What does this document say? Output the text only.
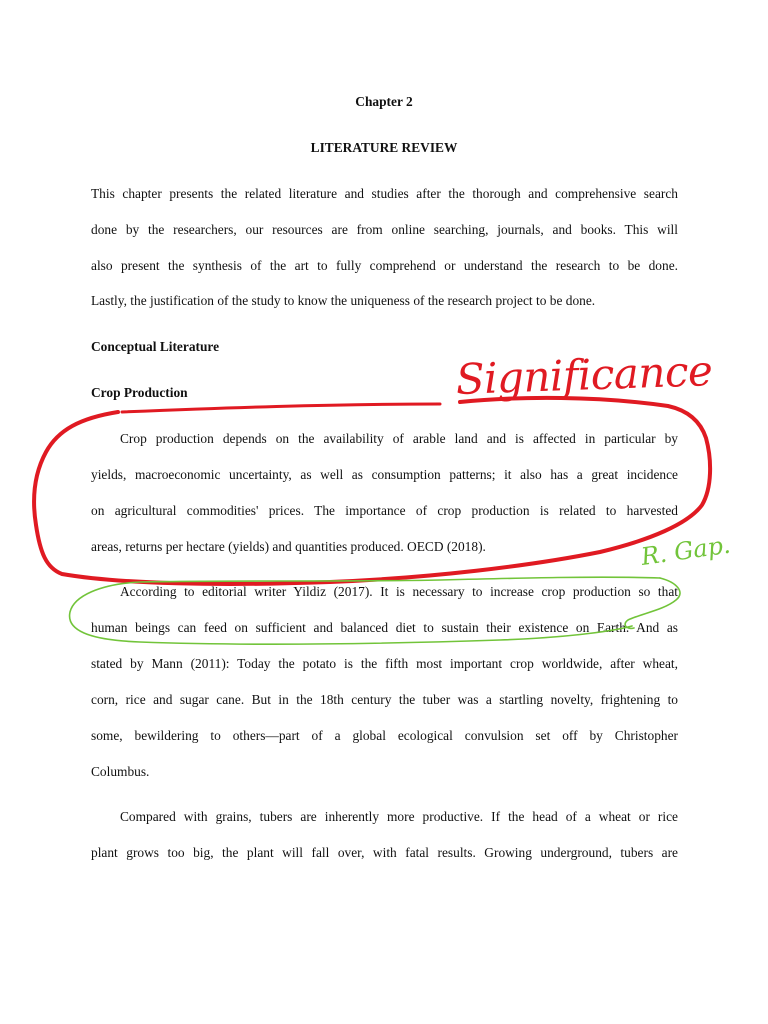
Chapter 2
LITERATURE REVIEW
This chapter presents the related literature and studies after the thorough and comprehensive search
done by the researchers, our resources are from online searching, journals, and books. This will
also present the synthesis of the art to fully comprehend or understand the research to be done.
Lastly, the justification of the study to know the uniqueness of the research project to be done.
Conceptual Literature
Crop Production
Crop production depends on the availability of arable land and is affected in particular by
yields, macroeconomic uncertainty, as well as consumption patterns; it also has a great incidence
on agricultural commodities' prices. The importance of crop production is related to harvested
areas, returns per hectare (yields) and quantities produced. OECD (2018).
According to editorial writer Yildiz (2017). It is necessary to increase crop production so that
human beings can feed on sufficient and balanced diet to sustain their existence on Earth. And as
stated by Mann (2011): Today the potato is the fifth most important crop worldwide, after wheat,
corn, rice and sugar cane. But in the 18th century the tuber was a startling novelty, frightening to
some, bewildering to others—part of a global ecological convulsion set off by Christopher
Columbus.
Compared with grains, tubers are inherently more productive. If the head of a wheat or rice
plant grows too big, the plant will fall over, with fatal results. Growing underground, tubers are
Significance
R. Gap.
